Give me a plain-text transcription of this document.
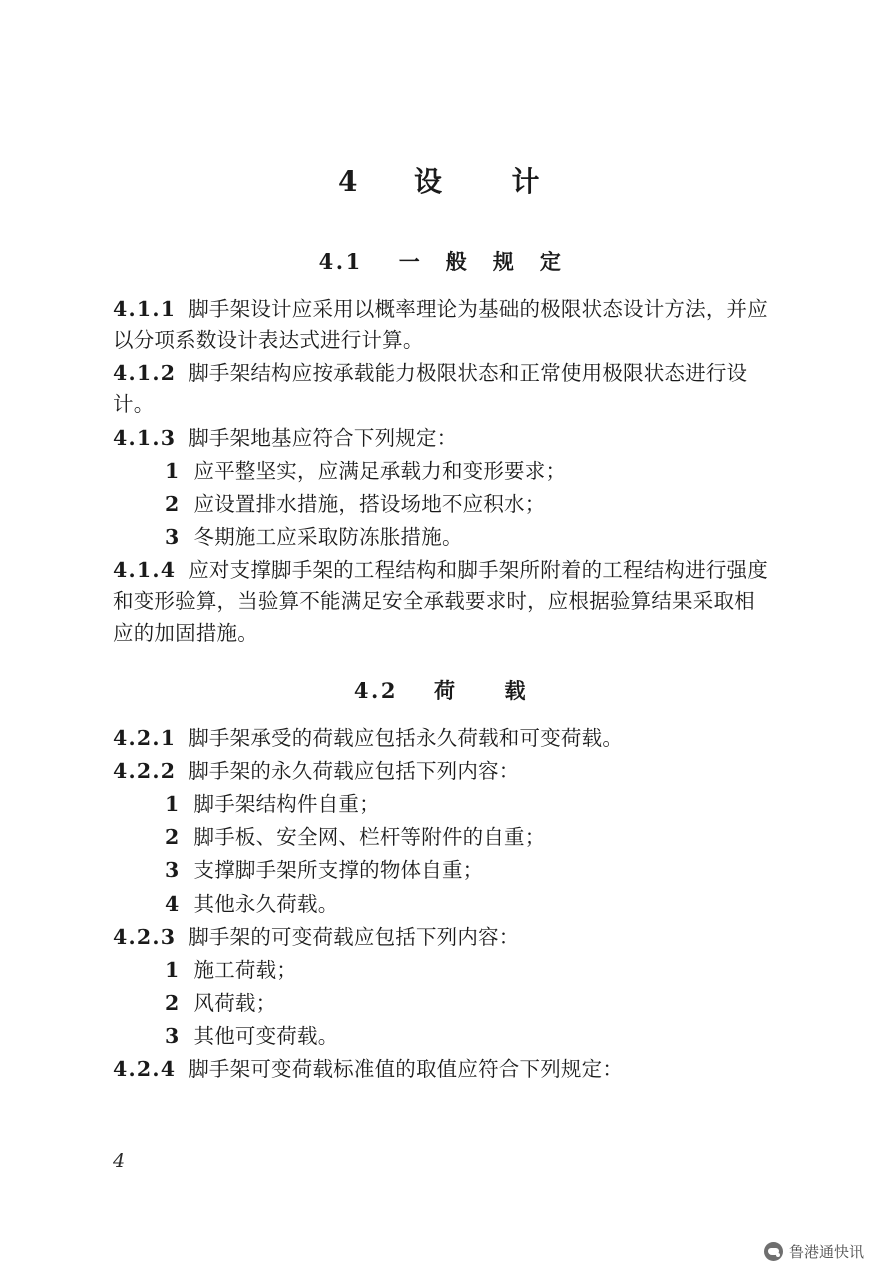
4 设　　计
4.1 一　般　规　定

4.1.1 脚手架设计应采用以概率理论为基础的极限状态设计方法，并应以分项系数设计表达式进行计算。

4.1.2 脚手架结构应按承载能力极限状态和正常使用极限状态进行设计。

4.1.3 脚手架地基应符合下列规定：

1 应平整坚实，应满足承载力和变形要求；

2 应设置排水措施，搭设场地不应积水；

3 冬期施工应采取防冻胀措施。

4.1.4 应对支撑脚手架的工程结构和脚手架所附着的工程结构进行强度和变形验算，当验算不能满足安全承载要求时，应根据验算结果采取相应的加固措施。

4.2 荷　　载

4.2.1 脚手架承受的荷载应包括永久荷载和可变荷载。

4.2.2 脚手架的永久荷载应包括下列内容：

1 脚手架结构件自重；

2 脚手板、安全网、栏杆等附件的自重；

3 支撑脚手架所支撑的物体自重；

4 其他永久荷载。

4.2.3 脚手架的可变荷载应包括下列内容：

1 施工荷载；

2 风荷载；

3 其他可变荷载。

4.2.4 脚手架可变荷载标准值的取值应符合下列规定：

4
鲁港通快讯
